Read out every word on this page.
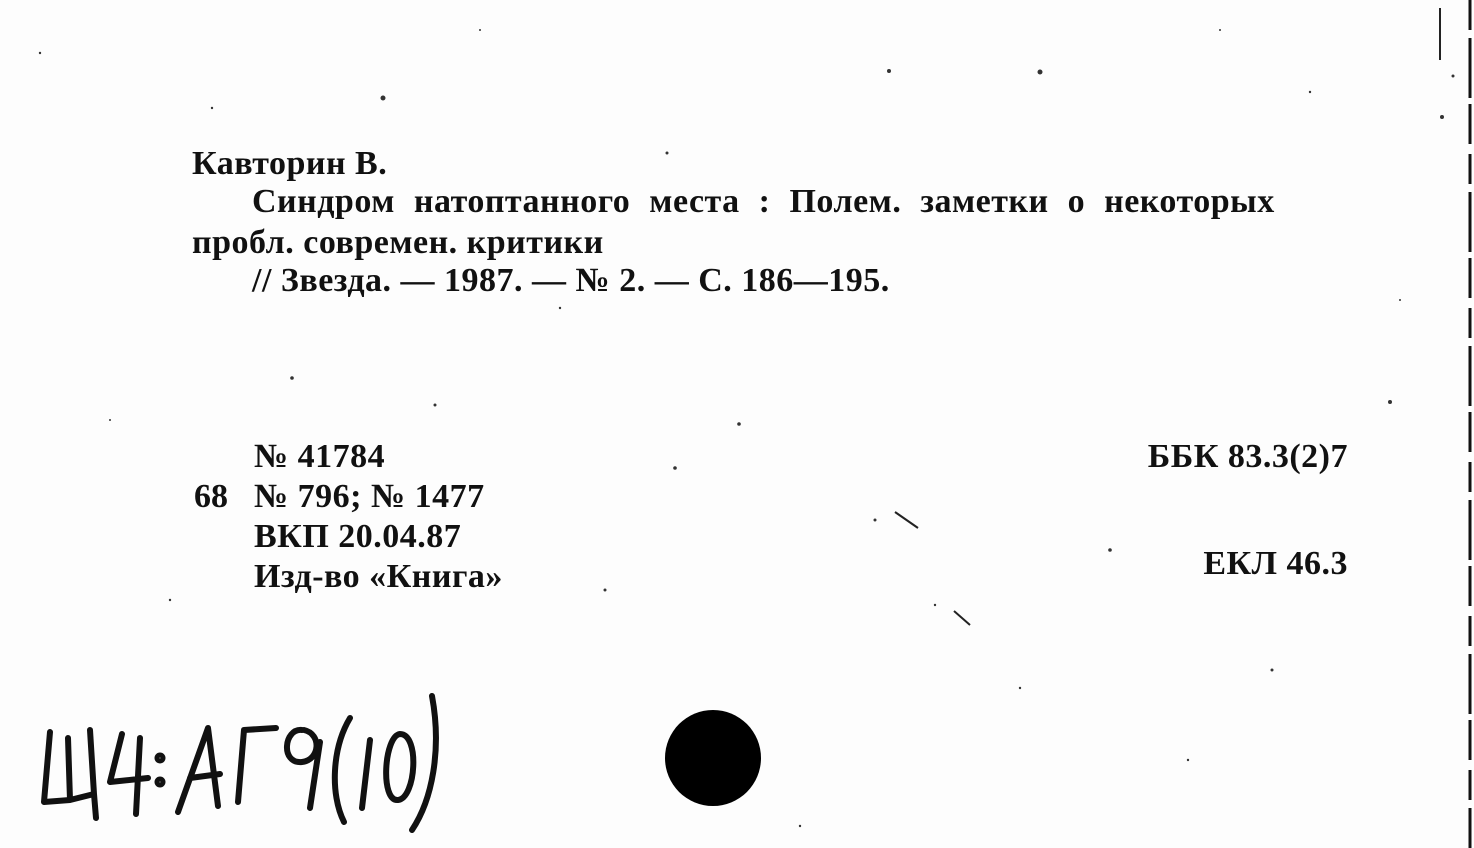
Кавторин В.
Синдром натоптанного места : Полем. заметки о некоторых
пробл. современ. критики
// Звезда. — 1987. — № 2. — С. 186—195.
№ 41784
68 № 796; № 1477
ВКП 20.04.87
Изд-во «Книга»
ББК 83.3(2)7
ЕКЛ 46.3
Ц4: АГ9(10)
